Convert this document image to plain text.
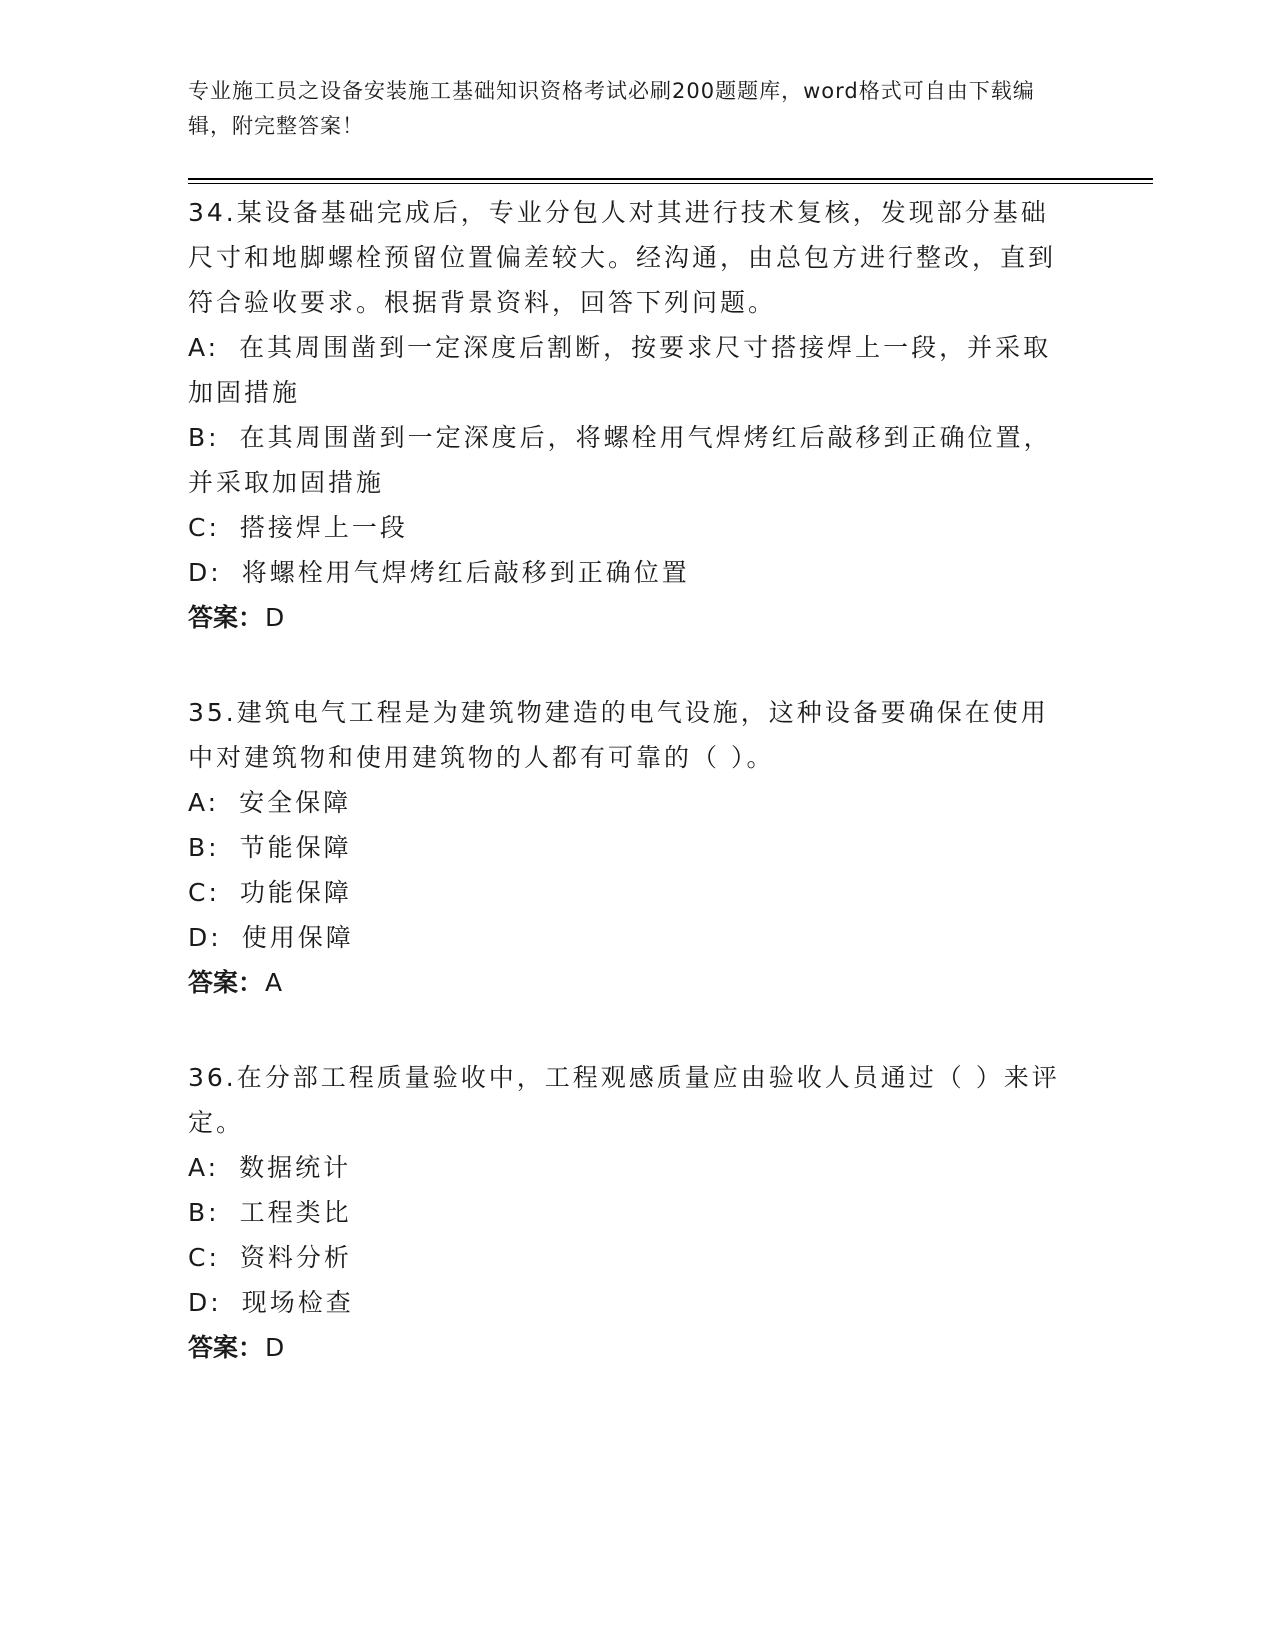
专业施工员之设备安装施工基础知识资格考试必刷200题题库，word格式可自由下载编辑，附完整答案！

34.某设备基础完成后，专业分包人对其进行技术复核，发现部分基础尺寸和地脚螺栓预留位置偏差较大。经沟通，由总包方进行整改，直到符合验收要求。根据背景资料，回答下列问题。

A: 在其周围凿到一定深度后割断，按要求尺寸搭接焊上一段，并采取加固措施

B: 在其周围凿到一定深度后，将螺栓用气焊烤红后敲移到正确位置，并采取加固措施

C: 搭接焊上一段

D: 将螺栓用气焊烤红后敲移到正确位置

答案：D

35.建筑电气工程是为建筑物建造的电气设施，这种设备要确保在使用中对建筑物和使用建筑物的人都有可靠的（ ）。

A: 安全保障

B: 节能保障

C: 功能保障

D: 使用保障

答案：A

36.在分部工程质量验收中，工程观感质量应由验收人员通过（ ）来评定。

A: 数据统计

B: 工程类比

C: 资料分析

D: 现场检查

答案：D
